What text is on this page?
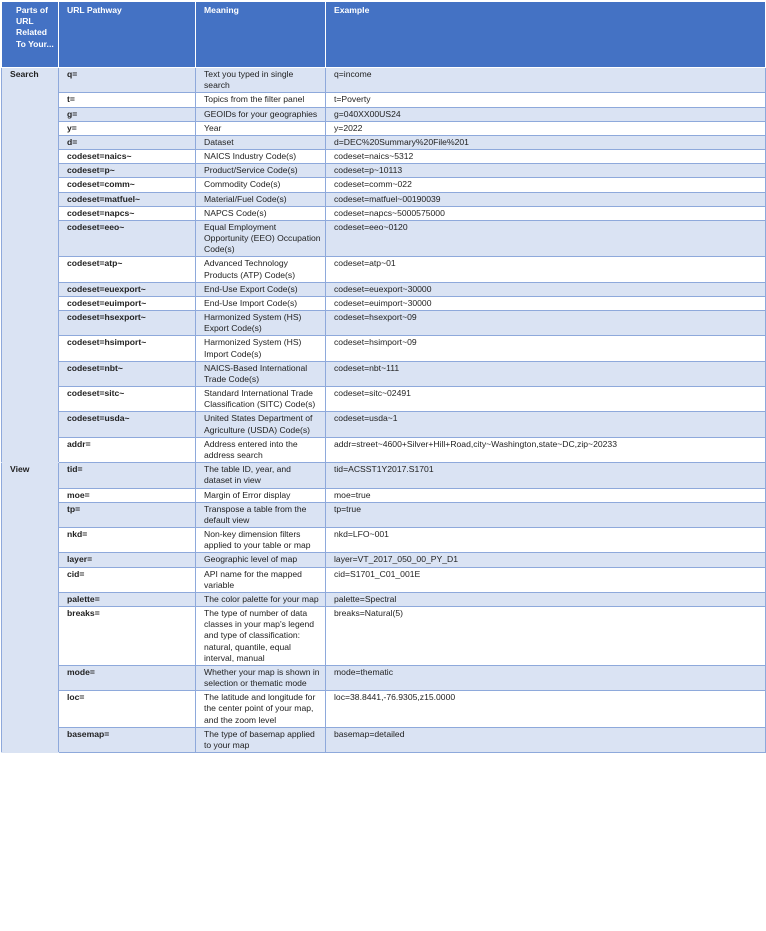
Parts of URL Related To Your...	URL Pathway	Meaning	Example
Search	q=	Text you typed in single search	q=income
	t=	Topics from the filter panel	t=Poverty
	g=	GEOIDs for your geographies	g=040XX00US24
	y=	Year	y=2022
	d=	Dataset	d=DEC%20Summary%20File%201
	codeset=naics~	NAICS Industry Code(s)	codeset=naics~5312
	codeset=p~	Product/Service Code(s)	codeset=p~10113
	codeset=comm~	Commodity Code(s)	codeset=comm~022
	codeset=matfuel~	Material/Fuel Code(s)	codeset=matfuel~00190039
	codeset=napcs~	NAPCS Code(s)	codeset=napcs~5000575000
	codeset=eeo~	Equal Employment Opportunity (EEO) Occupation Code(s)	codeset=eeo~0120
	codeset=atp~	Advanced Technology Products (ATP) Code(s)	codeset=atp~01
	codeset=euexport~	End-Use Export Code(s)	codeset=euexport~30000
	codeset=euimport~	End-Use Import Code(s)	codeset=euimport~30000
	codeset=hsexport~	Harmonized System (HS) Export Code(s)	codeset=hsexport~09
	codeset=hsimport~	Harmonized System (HS) Import Code(s)	codeset=hsimport~09
	codeset=nbt~	NAICS-Based International Trade Code(s)	codeset=nbt~111
	codeset=sitc~	Standard International Trade Classification (SITC) Code(s)	codeset=sitc~02491
	codeset=usda~	United States Department of Agriculture (USDA) Code(s)	codeset=usda~1
	addr=	Address entered into the address search	addr=street~4600+Silver+Hill+Road,city~Washington,state~DC,zip~20233
View	tid=	The table ID, year, and dataset in view	tid=ACSST1Y2017.S1701
	moe=	Margin of Error display	moe=true
	tp=	Transpose a table from the default view	tp=true
	nkd=	Non-key dimension filters applied to your table or map	nkd=LFO~001
	layer=	Geographic level of map	layer=VT_2017_050_00_PY_D1
	cid=	API name for the mapped variable	cid=S1701_C01_001E
	palette=	The color palette for your map	palette=Spectral
	breaks=	The type of number of data classes in your map's legend and type of classification: natural, quantile, equal interval, manual	breaks=Natural(5)
	mode=	Whether your map is shown in selection or thematic mode	mode=thematic
	loc=	The latitude and longitude for the center point of your map, and the zoom level	loc=38.8441,-76.9305,z15.0000
	basemap=	The type of basemap applied to your map	basemap=detailed
